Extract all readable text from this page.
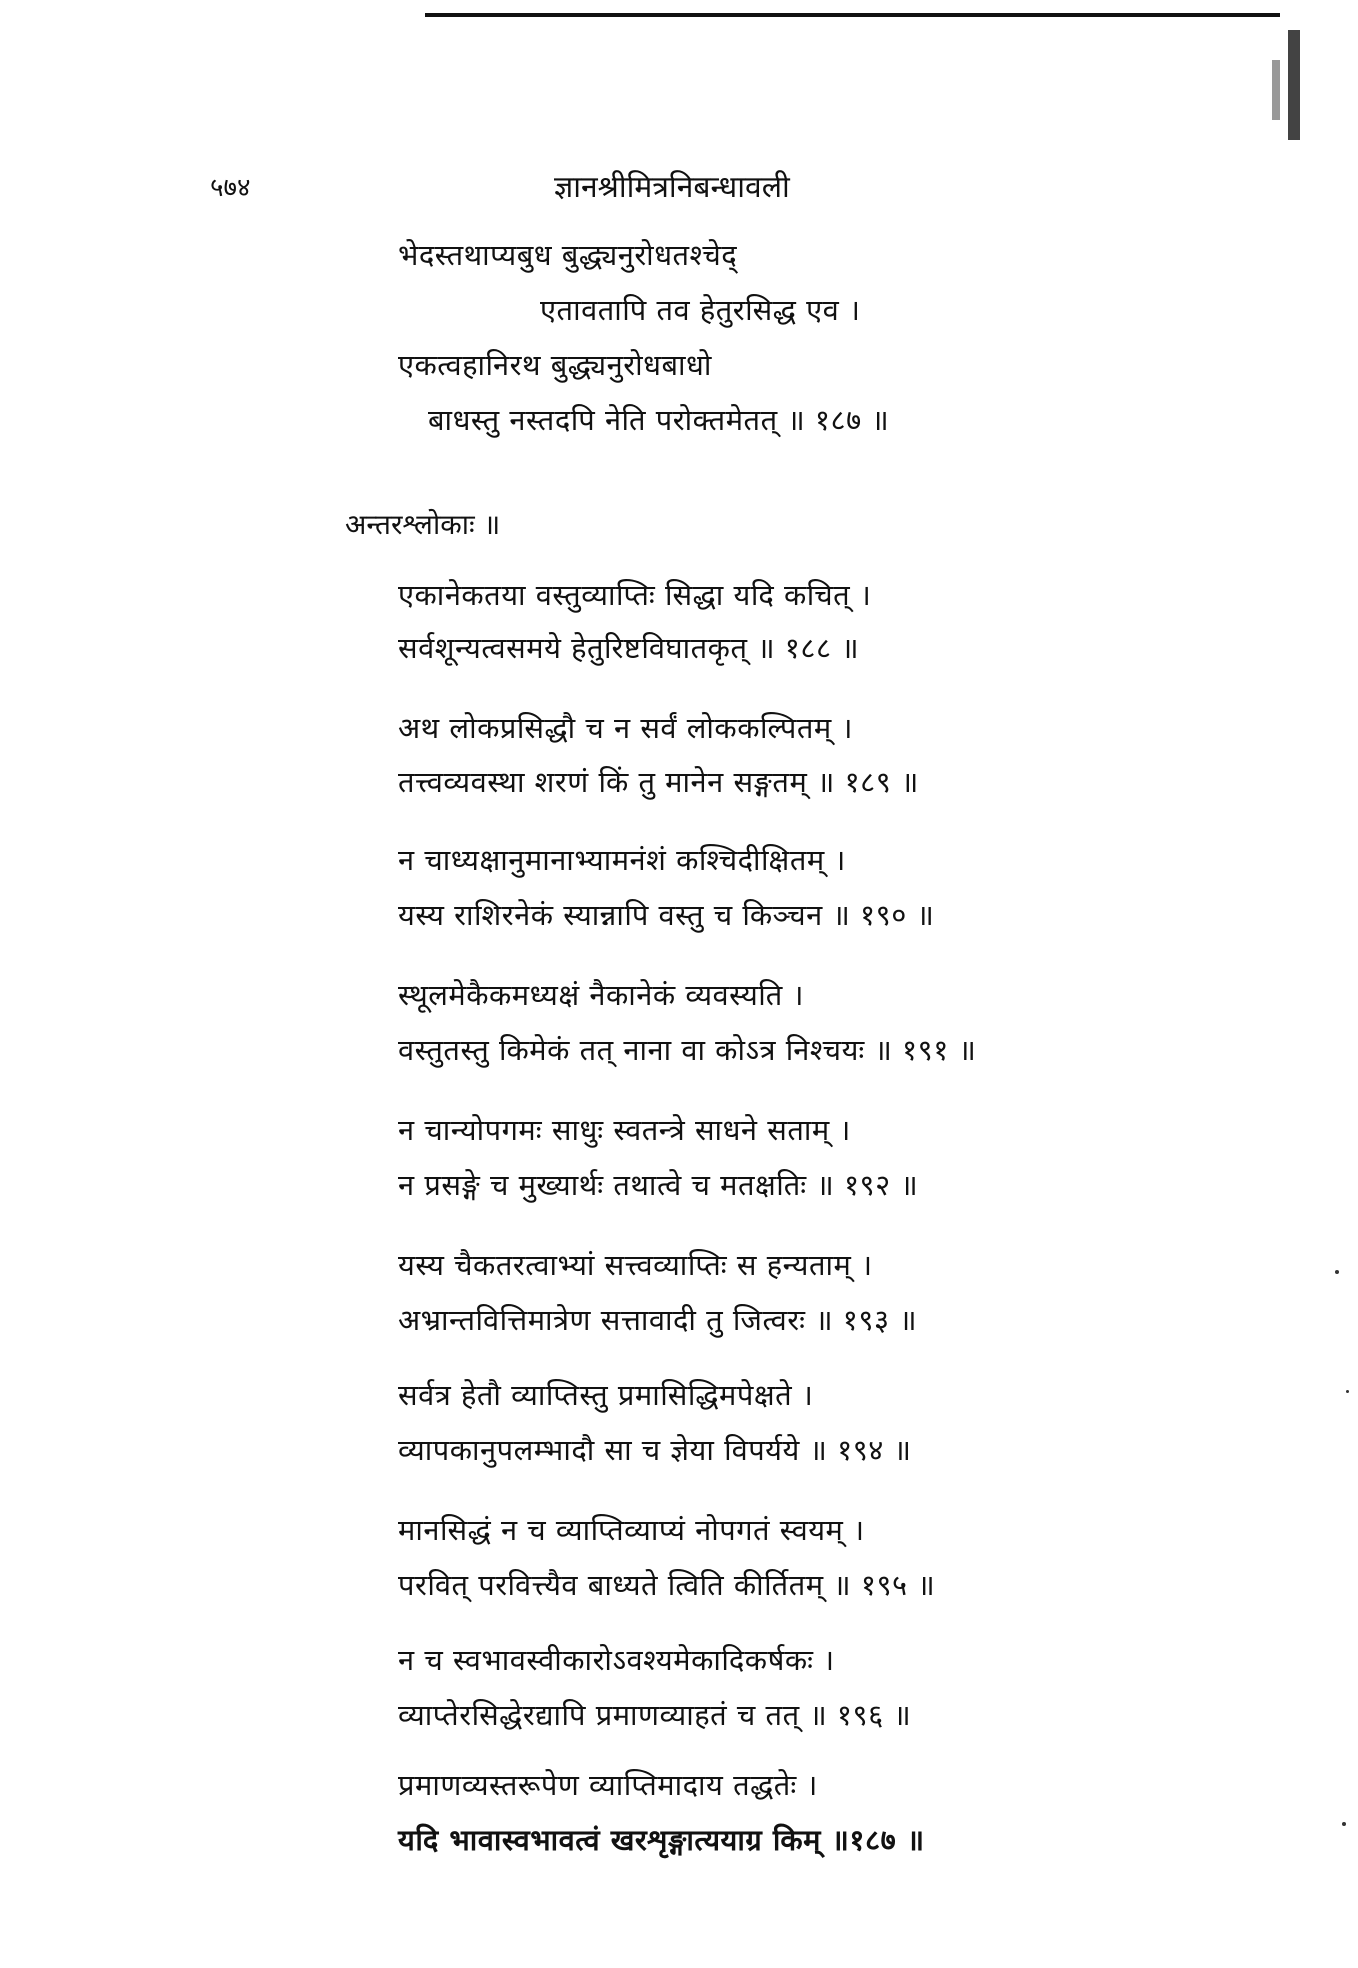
५७४	ज्ञानश्रीमित्रनिबन्धावली
भेदस्तथाप्यबुध बुद्ध्यनुरोधतश्चेद्
एतावतापि तव हेतुरसिद्ध एव ।
एकत्वहानिरथ बुद्ध्यनुरोधबाधो
बाधस्तु नस्तदपि नेति परोक्तमेतत् ॥ १८७ ॥
अन्तरश्लोकाः ॥
एकानेकतया वस्तुव्याप्तिः सिद्धा यदि कचित् ।
सर्वशून्यत्वसमये हेतुरिष्टविघातकृत् ॥ १८८ ॥
अथ लोकप्रसिद्धौ च न सर्वं लोककल्पितम् ।
तत्त्वव्यवस्था शरणं किं तु मानेन सङ्गतम् ॥ १८९ ॥
न चाध्यक्षानुमानाभ्यामनंशं कश्चिदीक्षितम् ।
यस्य राशिरनेकं स्यान्नापि वस्तु च किञ्चन ॥ १९० ॥
स्थूलमेकैकमध्यक्षं नैकानेकं व्यवस्यति ।
वस्तुतस्तु किमेकं तत् नाना वा कोऽत्र निश्चयः ॥ १९१ ॥
न चान्योपगमः साधुः स्वतन्त्रे साधने सताम् ।
न प्रसङ्गे च मुख्यार्थः तथात्वे च मतक्षतिः ॥ १९२ ॥
यस्य चैकतरत्वाभ्यां सत्त्वव्याप्तिः स हन्यताम् ।
अभ्रान्तवित्तिमात्रेण सत्तावादी तु जित्वरः ॥ १९३ ॥
सर्वत्र हेतौ व्याप्तिस्तु प्रमासिद्धिमपेक्षते ।
व्यापकानुपलम्भादौ सा च ज्ञेया विपर्यये ॥ १९४ ॥
मानसिद्धं न च व्याप्तिव्याप्यं नोपगतं स्वयम् ।
परवित् परवित्त्यैव बाध्यते त्विति कीर्तितम् ॥ १९५ ॥
न च स्वभावस्वीकारोऽवश्यमेकादिकर्षकः ।
व्याप्तेरसिद्धेरद्यापि प्रमाणव्याहतं च तत् ॥ १९६ ॥
प्रमाणव्यस्तरूपेण व्याप्तिमादाय तद्धतेः ।
यदि भावास्वभावत्वं खरशृङ्गात्ययाग्र किम् ॥१८७ ॥
